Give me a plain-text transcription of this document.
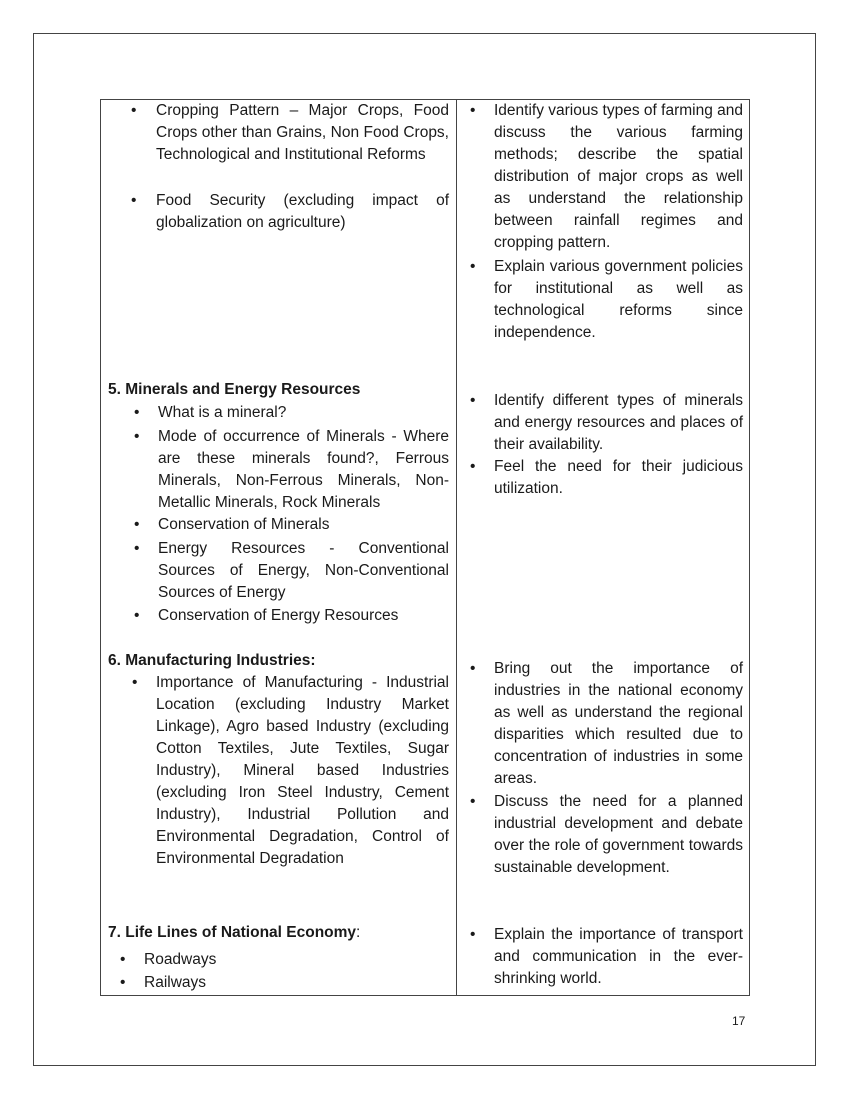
• Cropping Pattern – Major Crops, Food Crops other than Grains, Non Food Crops, Technological and Institutional Reforms

• Food Security (excluding impact of globalization on agriculture)

• Identify various types of farming and discuss the various farming methods; describe the spatial distribution of major crops as well as understand the relationship between rainfall regimes and cropping pattern.

• Explain various government policies for institutional as well as technological reforms since independence.

5. Minerals and Energy Resources
• What is a mineral?
• Mode of occurrence of Minerals - Where are these minerals found?, Ferrous Minerals, Non-Ferrous Minerals, Non-Metallic Minerals, Rock Minerals

• Conservation of Minerals
• Energy Resources - Conventional Sources of Energy, Non-Conventional Sources of Energy

• Conservation of Energy Resources
• Identify different types of minerals and energy resources and places of their availability.

• Feel the need for their judicious utilization.

6. Manufacturing Industries:
• Importance of Manufacturing - Industrial Location (excluding Industry Market Linkage), Agro based Industry (excluding Cotton Textiles, Jute Textiles, Sugar Industry), Mineral based Industries (excluding Iron Steel Industry, Cement Industry), Industrial Pollution and Environmental Degradation, Control of Environmental Degradation

• Bring out the importance of industries in the national economy as well as understand the regional disparities which resulted due to concentration of industries in some areas.

• Discuss the need for a planned industrial development and debate over the role of government towards sustainable development.

7. Life Lines of National Economy:
• Roadways
• Railways
• Explain the importance of transport and communication in the ever-shrinking world.

17
